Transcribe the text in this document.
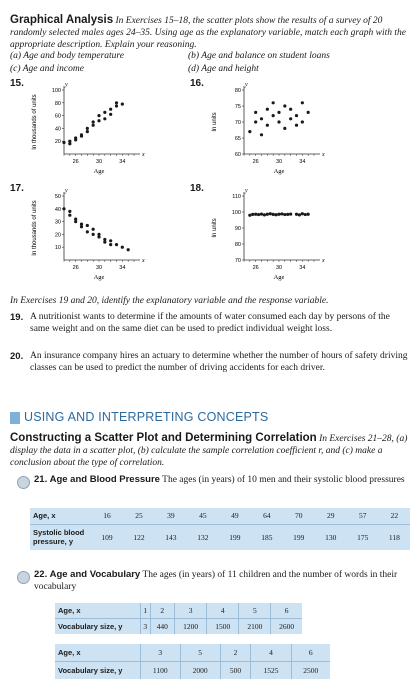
Graphical Analysis In Exercises 15–18, the scatter plots show the results of a survey of 20 randomly selected males ages 24–35. Using age as the explanatory variable, match each graph with the appropriate description. Explain your reasoning.
(a) Age and body temperature	(b) Age and balance on student loans
(c) Age and income	(d) Age and height
15.	16.
17.	18.
In thousands of units
y
x
100
80
60
40
20
26	30	34
Age
In units
y
x
80
75
70
65
60
26	30	34
Age
In thousands of units
y
x
50
40
30
20
10
26	30	34
Age
In units
y
x
110
100
90
80
70
26	30	34
Age
In Exercises 19 and 20, identify the explanatory variable and the response variable.
19. A nutritionist wants to determine if the amounts of water consumed each day by persons of the same weight and on the same diet can be used to predict individual weight loss.
20. An insurance company hires an actuary to determine whether the number of hours of safety driving classes can be used to predict the number of driving accidents for each driver.
USING AND INTERPRETING CONCEPTS
Constructing a Scatter Plot and Determining Correlation In Exercises 21–28, (a) display the data in a scatter plot, (b) calculate the sample correlation coefficient r, and (c) make a conclusion about the type of correlation.
21. Age and Blood Pressure The ages (in years) of 10 men and their systolic blood pressures
Age, x	16	25	39	45	49	64	70	29	57	22
Systolic blood pressure, y	109	122	143	132	199	185	199	130	175	118
22. Age and Vocabulary The ages (in years) of 11 children and the number of words in their vocabulary
Age, x	1	2	3	4	5	6
Vocabulary size, y	3	440	1200	1500	2100	2600
Age, x	3	5	2	4	6
Vocabulary size, y	1100	2000	500	1525	2500
